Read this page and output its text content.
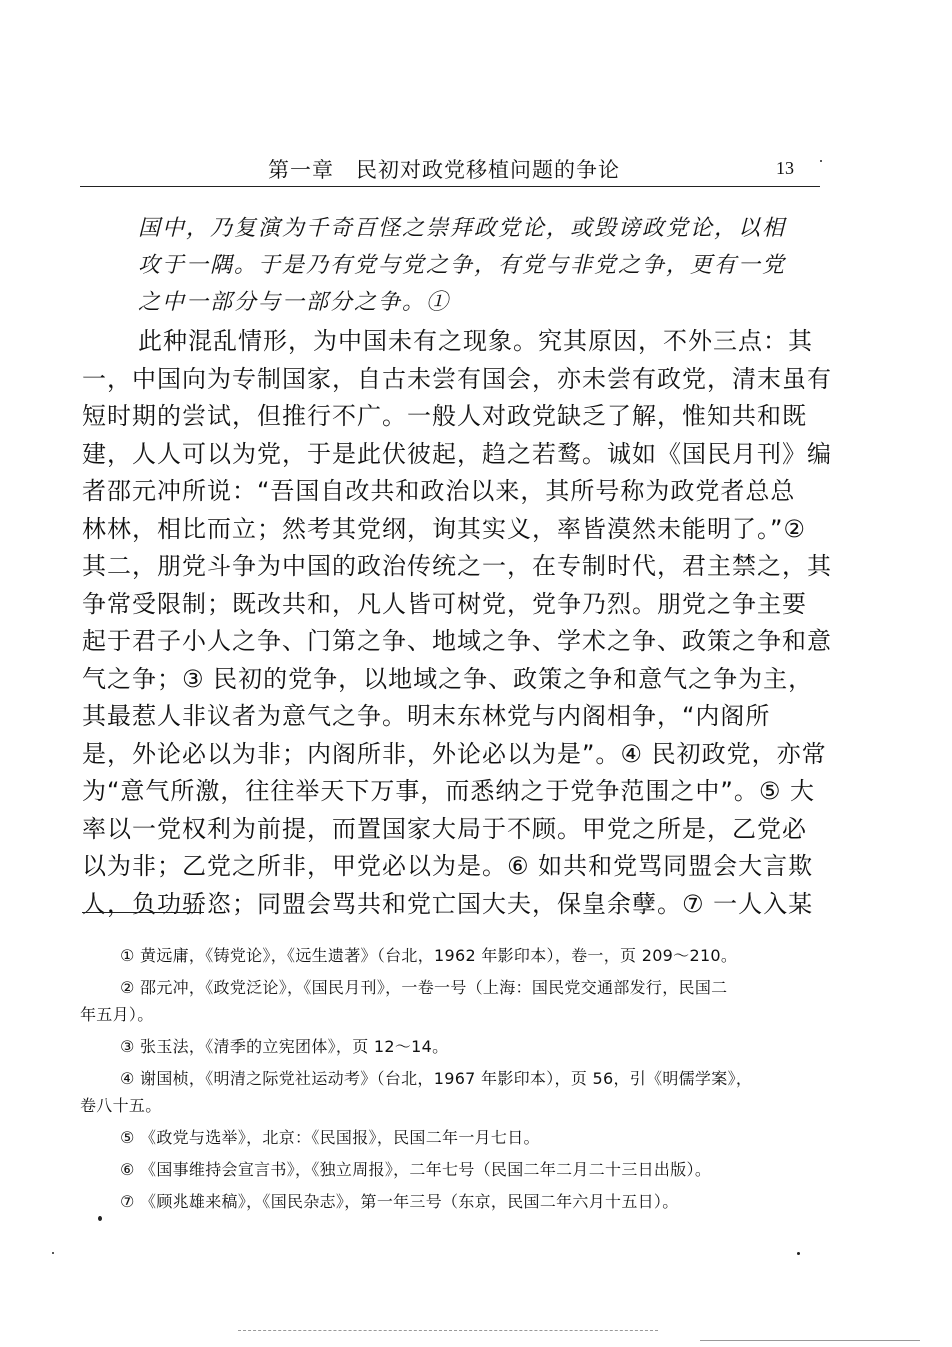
第一章　民初对政党移植问题的争论	13
国中，乃复演为千奇百怪之崇拜政党论，或毁谤政党论，以相
攻于一隅。于是乃有党与党之争，有党与非党之争，更有一党
之中一部分与一部分之争。①
此种混乱情形，为中国未有之现象。究其原因，不外三点：其
一，中国向为专制国家，自古未尝有国会，亦未尝有政党，清末虽有
短时期的尝试，但推行不广。一般人对政党缺乏了解，惟知共和既
建，人人可以为党，于是此伏彼起，趋之若鹜。诚如《国民月刊》编
者邵元冲所说：“吾国自改共和政治以来，其所号称为政党者总总
林林，相比而立；然考其党纲，询其实义，率皆漠然未能明了。”②
其二，朋党斗争为中国的政治传统之一，在专制时代，君主禁之，其
争常受限制；既改共和，凡人皆可树党，党争乃烈。朋党之争主要
起于君子小人之争、门第之争、地域之争、学术之争、政策之争和意
气之争；③ 民初的党争，以地域之争、政策之争和意气之争为主，
其最惹人非议者为意气之争。明末东林党与内阁相争，“内阁所
是，外论必以为非；内阁所非，外论必以为是”。④ 民初政党，亦常
为“意气所激，往往举天下万事，而悉纳之于党争范围之中”。⑤ 大
率以一党权利为前提，而置国家大局于不顾。甲党之所是，乙党必
以为非；乙党之所非，甲党必以为是。⑥ 如共和党骂同盟会大言欺
人，负功骄恣；同盟会骂共和党亡国大夫，保皇余孽。⑦ 一人入某
① 黄远庸，《铸党论》，《远生遗著》（台北，1962 年影印本），卷一，页 209～210。
② 邵元冲，《政党泛论》，《国民月刊》，一卷一号（上海：国民党交通部发行，民国二
年五月）。
③ 张玉法，《清季的立宪团体》，页 12～14。
④ 谢国桢，《明清之际党社运动考》（台北，1967 年影印本），页 56，引《明儒学案》，
卷八十五。
⑤ 《政党与选举》，北京：《民国报》，民国二年一月七日。
⑥ 《国事维持会宣言书》，《独立周报》，二年七号（民国二年二月二十三日出版）。
⑦ 《顾兆雄来稿》，《国民杂志》，第一年三号（东京，民国二年六月十五日）。
